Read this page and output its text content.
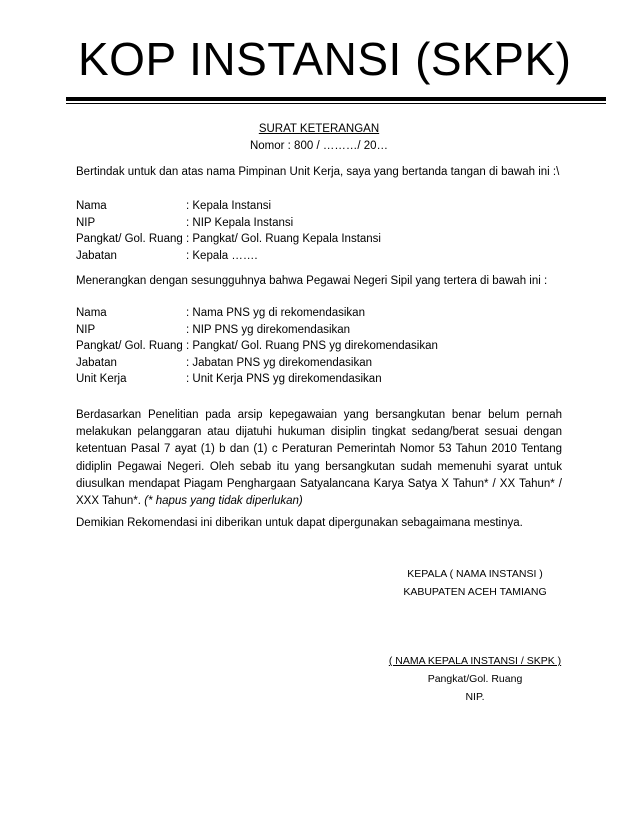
KOP INSTANSI (SKPK)
SURAT KETERANGAN
Nomor : 800 / ………/ 20…
Bertindak untuk dan atas nama Pimpinan Unit Kerja, saya yang bertanda tangan di bawah ini :\
Nama	: Kepala Instansi
NIP	: NIP Kepala Instansi
Pangkat/ Gol. Ruang	: Pangkat/ Gol. Ruang Kepala Instansi
Jabatan	: Kepala …….
Menerangkan dengan sesungguhnya bahwa Pegawai Negeri Sipil yang tertera di bawah ini :
Nama	: Nama PNS yg di rekomendasikan
NIP	: NIP PNS yg direkomendasikan
Pangkat/ Gol. Ruang	: Pangkat/ Gol. Ruang PNS yg direkomendasikan
Jabatan	: Jabatan PNS yg direkomendasikan
Unit Kerja	: Unit Kerja PNS yg direkomendasikan
Berdasarkan Penelitian pada arsip kepegawaian yang bersangkutan benar belum pernah melakukan pelanggaran atau dijatuhi hukuman disiplin tingkat sedang/berat sesuai dengan ketentuan Pasal 7 ayat (1) b dan (1) c Peraturan Pemerintah Nomor 53 Tahun 2010 Tentang didiplin Pegawai Negeri. Oleh sebab itu yang bersangkutan sudah memenuhi syarat untuk diusulkan mendapat Piagam Penghargaan Satyalancana Karya Satya X Tahun* / XX Tahun* / XXX Tahun*. (* hapus yang tidak diperlukan)
Demikian Rekomendasi ini diberikan untuk dapat dipergunakan sebagaimana mestinya.
KEPALA ( NAMA INSTANSI )
KABUPATEN ACEH TAMIANG
( NAMA KEPALA INSTANSI / SKPK )
Pangkat/Gol. Ruang
NIP.
